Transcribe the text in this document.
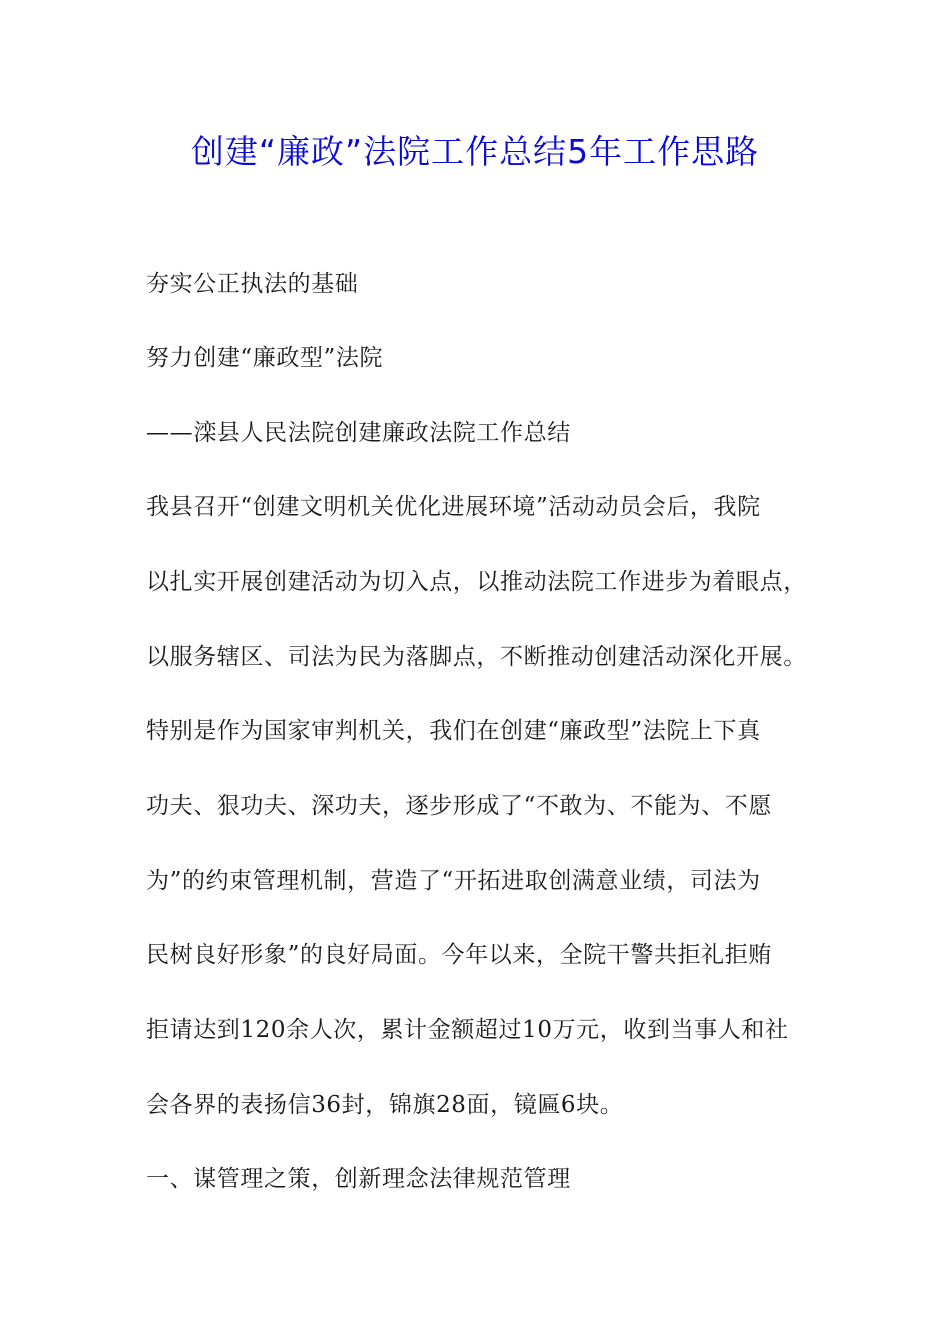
创建“廉政”法院工作总结5年工作思路
夯实公正执法的基础
努力创建“廉政型”法院
——滦县人民法院创建廉政法院工作总结
我县召开“创建文明机关优化进展环境”活动动员会后，我院
以扎实开展创建活动为切入点，以推动法院工作进步为着眼点，
以服务辖区、司法为民为落脚点，不断推动创建活动深化开展。
特别是作为国家审判机关，我们在创建“廉政型”法院上下真
功夫、狠功夫、深功夫，逐步形成了“不敢为、不能为、不愿
为”的约束管理机制，营造了“开拓进取创满意业绩，司法为
民树良好形象”的良好局面。今年以来，全院干警共拒礼拒贿
拒请达到120余人次，累计金额超过10万元，收到当事人和社
会各界的表扬信36封，锦旗28面，镜匾6块。
一、谋管理之策，创新理念法律规范管理
